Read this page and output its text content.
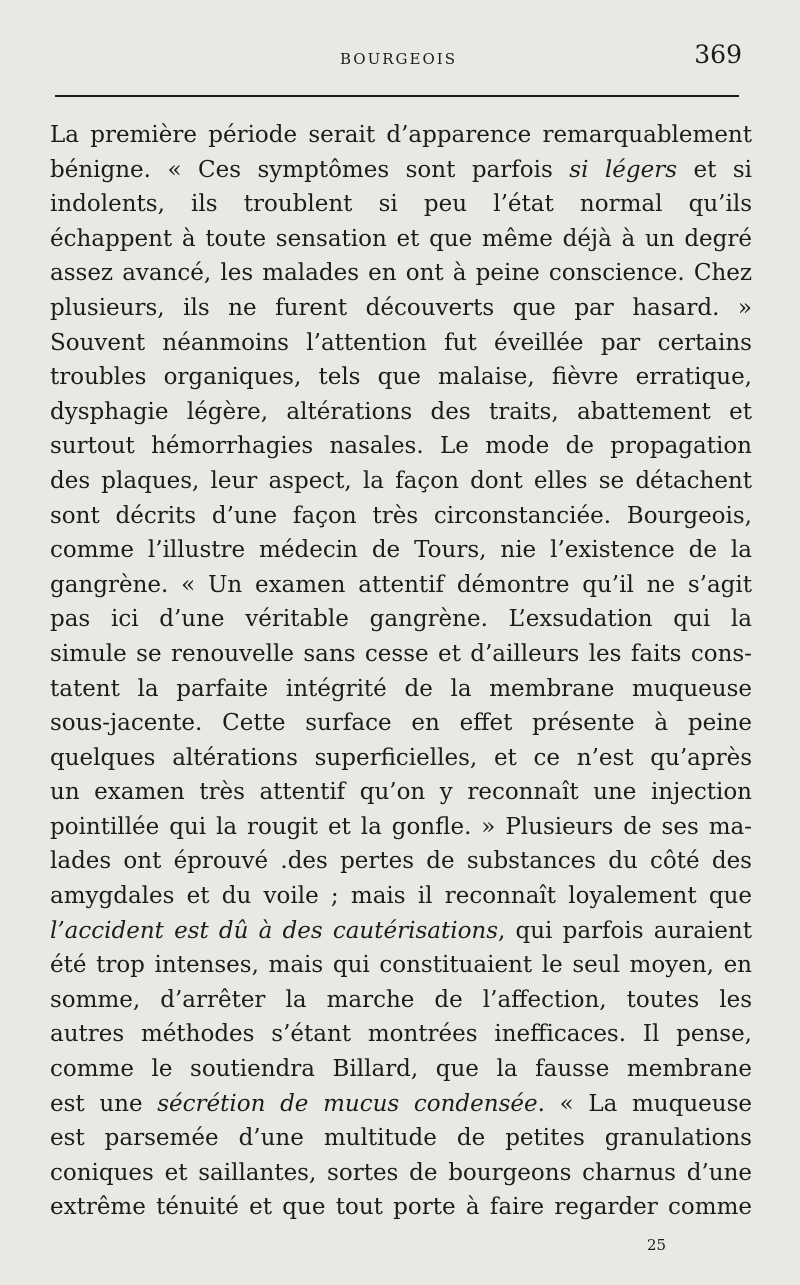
BOURGEOIS	369
La première période serait d’apparence remarquablement
bénigne. « Ces symptômes sont parfois si légers et si
indolents, ils troublent si peu l’état normal qu’ils
échappent à toute sensation et que même déjà à un degré
assez avancé, les malades en ont à peine conscience. Chez
plusieurs, ils ne furent découverts que par hasard. »
Souvent néanmoins l’attention fut éveillée par certains
troubles organiques, tels que malaise, fièvre erratique,
dysphagie légère, altérations des traits, abattement et
surtout hémorrhagies nasales. Le mode de propagation
des plaques, leur aspect, la façon dont elles se détachent
sont décrits d’une façon très circonstanciée. Bourgeois,
comme l’illustre médecin de Tours, nie l’existence de la
gangrène. « Un examen attentif démontre qu’il ne s’agit
pas ici d’une véritable gangrène. L’exsudation qui la
simule se renouvelle sans cesse et d’ailleurs les faits cons-
tatent la parfaite intégrité de la membrane muqueuse
sous-jacente. Cette surface en effet présente à peine
quelques altérations superficielles, et ce n’est qu’après
un examen très attentif qu’on y reconnaît une injection
pointillée qui la rougit et la gonfle. » Plusieurs de ses ma-
lades ont éprouvé .des pertes de substances du côté des
amygdales et du voile ; mais il reconnaît loyalement que
l’accident est dû à des cautérisations, qui parfois auraient
été trop intenses, mais qui constituaient le seul moyen, en
somme, d’arrêter la marche de l’affection, toutes les
autres méthodes s’étant montrées inefficaces. Il pense,
comme le soutiendra Billard, que la fausse membrane
est une sécrétion de mucus condensée. « La muqueuse
est parsemée d’une multitude de petites granulations
coniques et saillantes, sortes de bourgeons charnus d’une
extrême ténuité et que tout porte à faire regarder comme
25
